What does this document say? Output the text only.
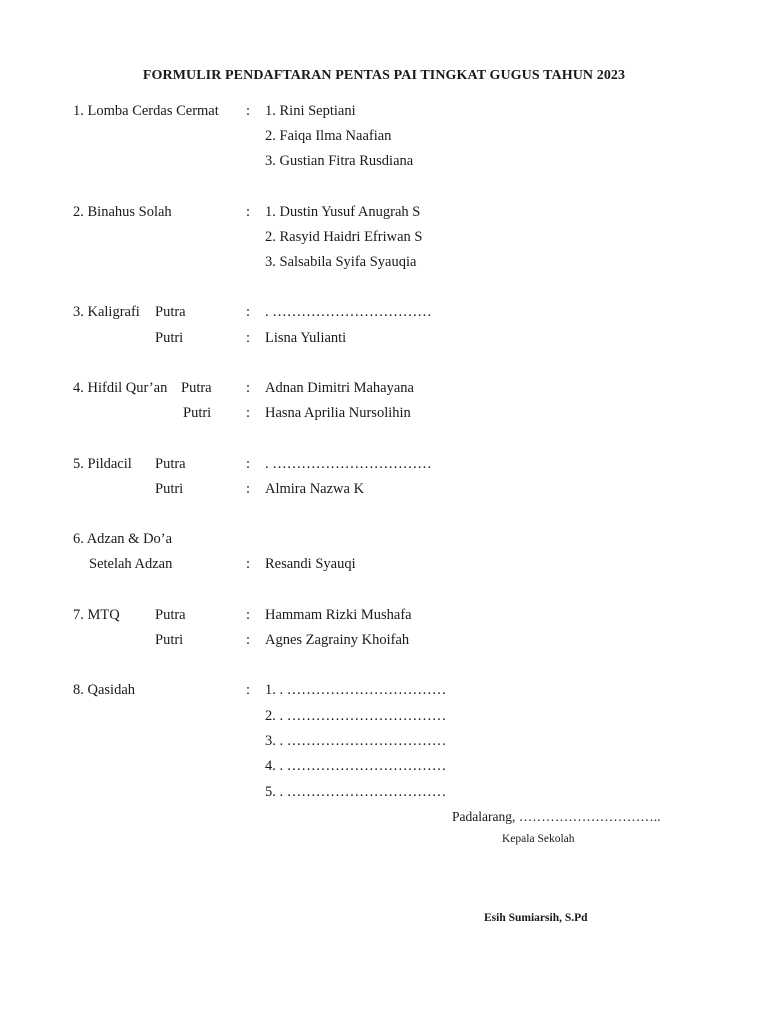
FORMULIR PENDAFTARAN PENTAS PAI TINGKAT GUGUS TAHUN 2023
1. Lomba Cerdas Cermat : 1. Rini Septiani
2. Faiqa Ilma Naafian
3. Gustian Fitra Rusdiana
2. Binahus Solah	: 1. Dustin Yusuf Anugrah S
2. Rasyid Haidri Efriwan S
3. Salsabila Syifa Syauqia
3. Kaligrafi Putra	: . ……………………………
Putri	: Lisna Yulianti
4. Hifdil Qur’an Putra : Adnan Dimitri Mahayana
Putri : Hasna Aprilia Nursolihin
5. Pildacil Putra	: . ……………………………
Putri	: Almira Nazwa K
6. Adzan & Do’a
Setelah Adzan	: Resandi Syauqi
7. MTQ Putra	: Hammam Rizki Mushafa
Putri	: Agnes Zagrainy Khoifah
8. Qasidah	: 1. . ……………………………
2. . ……………………………
3. . ……………………………
4. . ……………………………
5. . ……………………………
Padalarang, …………………………..
Kepala Sekolah
Esih Sumiarsih, S.Pd
